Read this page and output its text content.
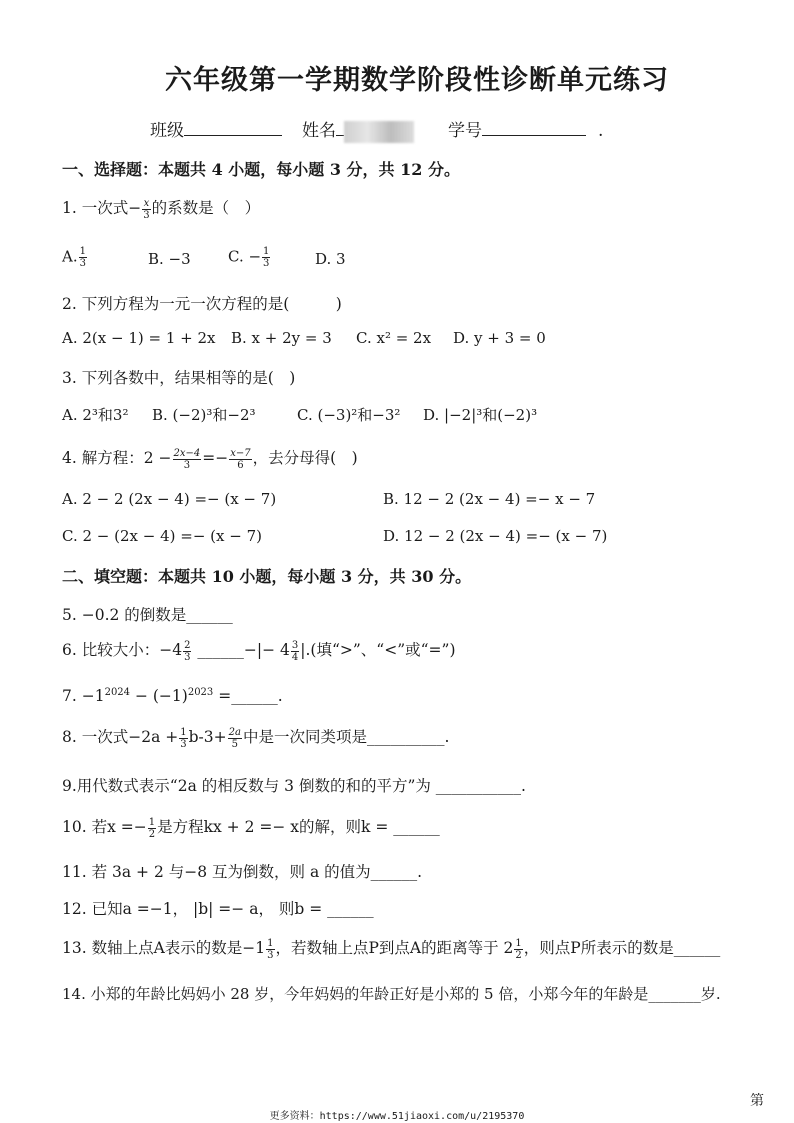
六年级第一学期数学阶段性诊断单元练习
班级	姓名	学号	.
一、选择题：本题共 4 小题，每小题 3 分，共 12 分。
1. 一次式− $\frac{x}{3}$ 的系数是（　）
A. $\frac{1}{3}$	B. −3 C. − $\frac{1}{3}$	D. 3
2. 下列方程为一元一次方程的是(　　　)
A. 2(x − 1) = 1 + 2x B. x + 2y = 3 C. x² = 2x D. y + 3 = 0
3. 下列各数中，结果相等的是(　)
A. 2³和3² B. (−2)³和−2³	C. (−3)²和−3² D. |−2|³和(−2)³
4. 解方程：$2 - \frac{2x-4}{3} =- \frac{x-7}{6}$ ，去分母得(　)
A. 2 − 2 (2x − 4) =− (x − 7)	B. 12 − 2 (2x − 4) =− x − 7
C. 2 − (2x − 4) =− (x − 7)	D. 12 − 2 (2x − 4) =− (x − 7)
二、填空题：本题共 10 小题，每小题 3 分，共 30 分。
5. −0.2 的倒数是______
6. 比较大小：$-4 \frac{2}{3}$ ______−|− $4 \frac{3}{4}$ |.(填“>”、“<”或“=”)
7. $-1^{2024} - (-1)^{2023}$ =______.
8. 一次式$-2a + \frac{1}{3} b-3+ \frac{2a}{5}$ 中是一次同类项是__________.
9.用代数式表示“2a 的相反数与 3 倒数的和的平方”为 ___________.
10. 若$x =- \frac{1}{2}$ 是方程kx + 2 =− x的解，则k = ______
11. 若 3a + 2 与−8 互为倒数，则 a 的值为______.
12. 已知a =−1， |b| =− a， 则b = ______
13. 数轴上点A表示的数是$-1 \frac{1}{3}$ ，若数轴上点P到点A的距离等于 $2 \frac{1}{2}$ ，则点P所表示的数是______
14. 小郑的年龄比妈妈小 28 岁，今年妈妈的年龄正好是小郑的 5 倍，小郑今年的年龄是_______岁.
第
更多资料：https://www.51jiaoxi.com/u/2195370
